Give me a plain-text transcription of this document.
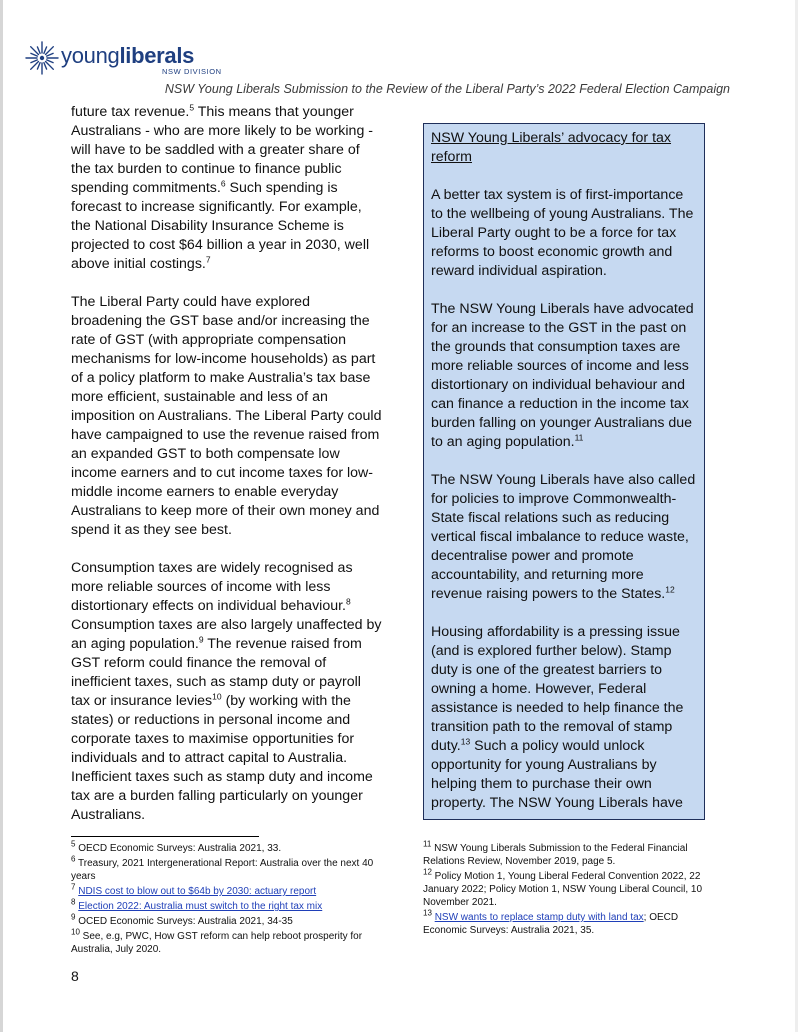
youngliberals
NSW DIVISION
NSW Young Liberals Submission to the Review of the Liberal Party’s 2022 Federal Election Campaign

future tax revenue.$^5$ This means that younger Australians - who are more likely to be working - will have to be saddled with a greater share of the tax burden to continue to finance public spending commitments.$^6$ Such spending is forecast to increase significantly. For example, the National Disability Insurance Scheme is projected to cost $64 billion a year in 2030, well above initial costings.$^7$

The Liberal Party could have explored broadening the GST base and/or increasing the rate of GST (with appropriate compensation mechanisms for low-income households) as part of a policy platform to make Australia’s tax base more efficient, sustainable and less of an imposition on Australians. The Liberal Party could have campaigned to use the revenue raised from an expanded GST to both compensate low income earners and to cut income taxes for low-middle income earners to enable everyday Australians to keep more of their own money and spend it as they see best.

Consumption taxes are widely recognised as more reliable sources of income with less distortionary effects on individual behaviour.$^8$ Consumption taxes are also largely unaffected by an aging population.$^9$ The revenue raised from GST reform could finance the removal of inefficient taxes, such as stamp duty or payroll tax or insurance levies$^{10}$ (by working with the states) or reductions in personal income and corporate taxes to maximise opportunities for individuals and to attract capital to Australia. Inefficient taxes such as stamp duty and income tax are a burden falling particularly on younger Australians.

NSW Young Liberals’ advocacy for tax reform

A better tax system is of first-importance to the wellbeing of young Australians. The Liberal Party ought to be a force for tax reforms to boost economic growth and reward individual aspiration.

The NSW Young Liberals have advocated for an increase to the GST in the past on the grounds that consumption taxes are more reliable sources of income and less distortionary on individual behaviour and can finance a reduction in the income tax burden falling on younger Australians due to an aging population.$^{11}$

The NSW Young Liberals have also called for policies to improve Commonwealth-State fiscal relations such as reducing vertical fiscal imbalance to reduce waste, decentralise power and promote accountability, and returning more revenue raising powers to the States.$^{12}$

Housing affordability is a pressing issue (and is explored further below). Stamp duty is one of the greatest barriers to owning a home. However, Federal assistance is needed to help finance the transition path to the removal of stamp duty.$^{13}$ Such a policy would unlock opportunity for young Australians by helping them to purchase their own property. The NSW Young Liberals have

$^5$ OECD Economic Surveys: Australia 2021, 33.
$^6$ Treasury, 2021 Intergenerational Report: Australia over the next 40 years
$^7$ NDIS cost to blow out to $64b by 2030: actuary report
$^8$ Election 2022: Australia must switch to the right tax mix
$^9$ OCED Economic Surveys: Australia 2021, 34-35
$^{10}$ See, e.g, PWC, How GST reform can help reboot prosperity for Australia, July 2020.
$^{11}$ NSW Young Liberals Submission to the Federal Financial Relations Review, November 2019, page 5.
$^{12}$ Policy Motion 1, Young Liberal Federal Convention 2022, 22 January 2022; Policy Motion 1, NSW Young Liberal Council, 10 November 2021.
$^{13}$ NSW wants to replace stamp duty with land tax; OECD Economic Surveys: Australia 2021, 35.
8
